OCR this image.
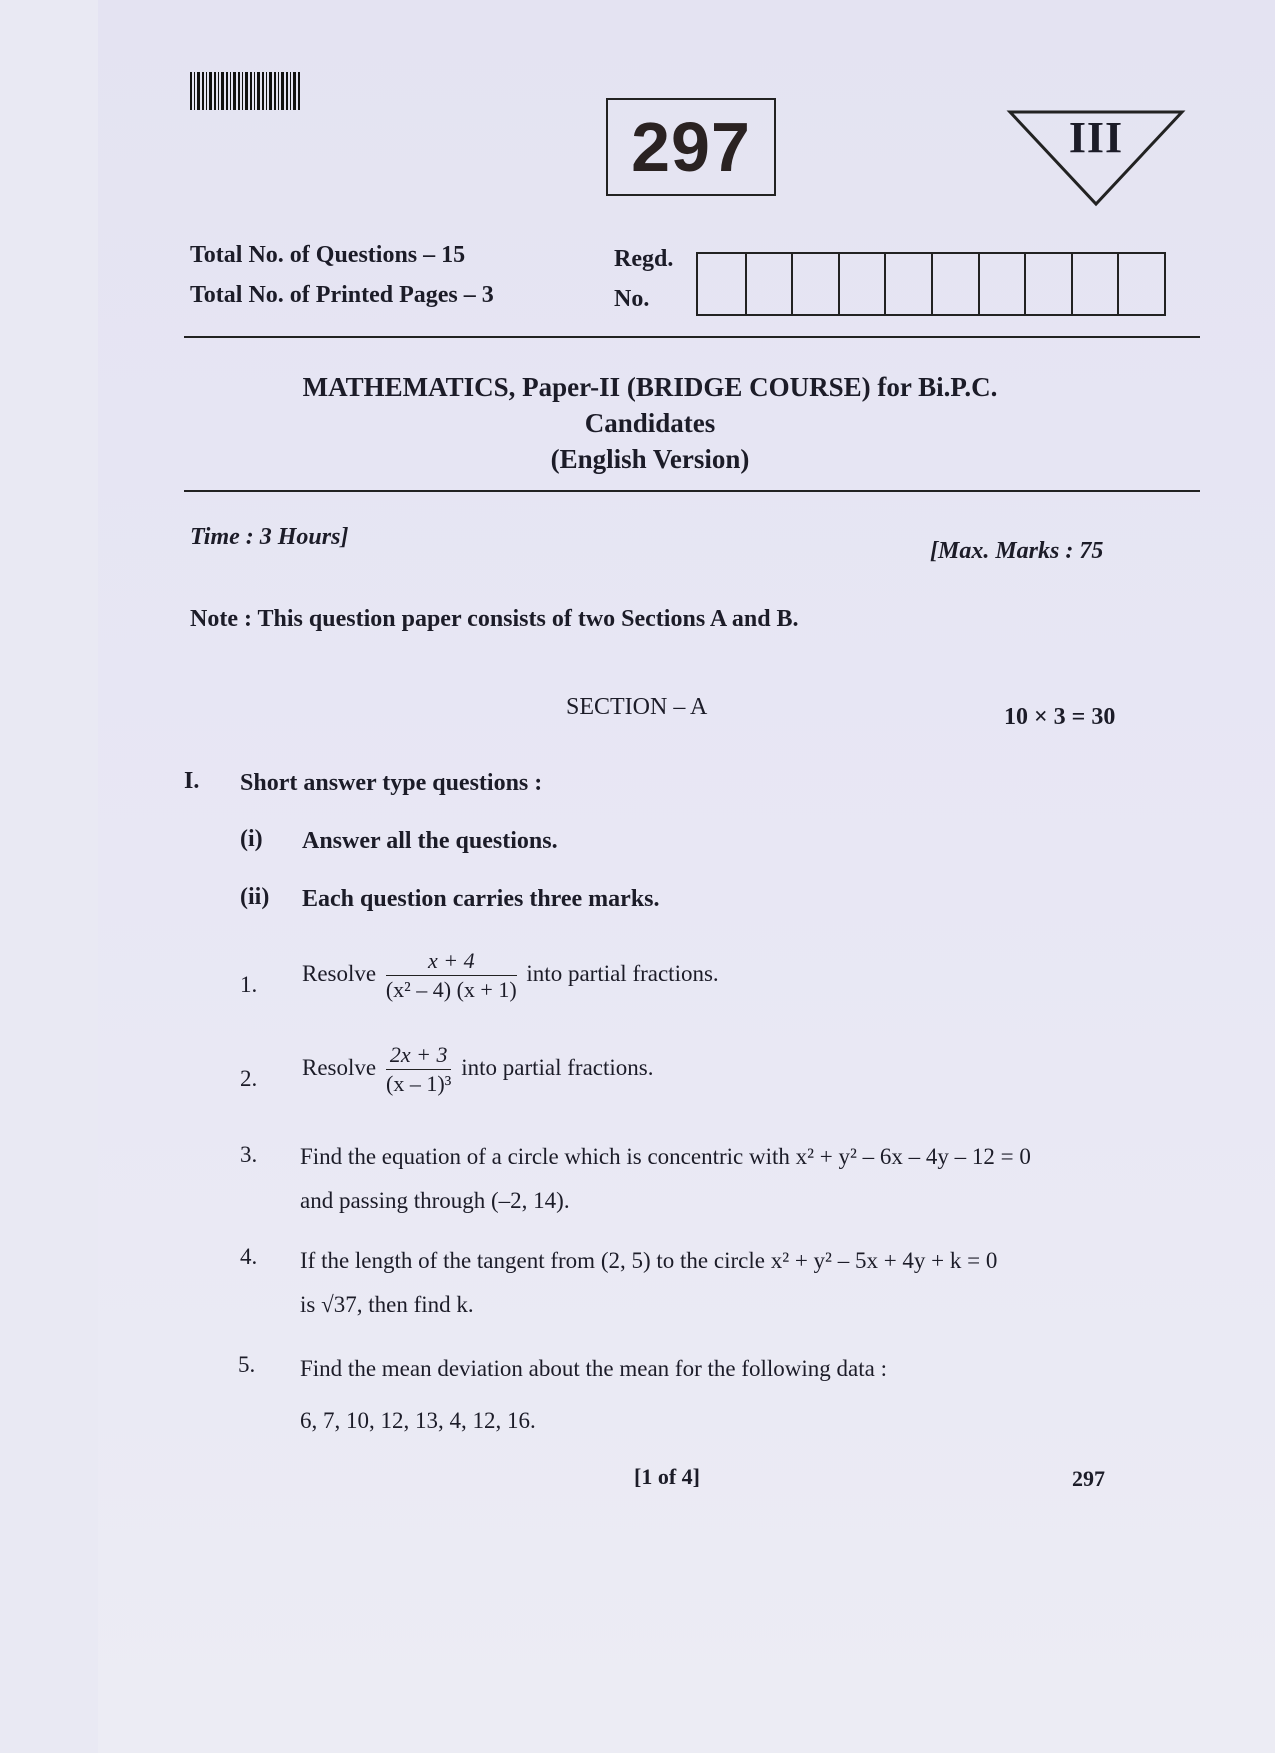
297	III
Total No. of Questions – 15
Total No. of Printed Pages – 3
Regd.
No.
MATHEMATICS, Paper-II (BRIDGE COURSE) for Bi.P.C.
Candidates
(English Version)
Time : 3 Hours]
[Max. Marks : 75
Note : This question paper consists of two Sections A and B.
SECTION – A	10 × 3 = 30
I. Short answer type questions :
(i) Answer all the questions.
(ii) Each question carries three marks.
1. Resolve $\frac{x + 4}{\text{(x² – 4) (x + 1)}}$ into partial fractions.
2. Resolve $\frac{2x + 3}{\text{(x – 1)³}}$ into partial fractions.
3. Find the equation of a circle which is concentric with x² + y² – 6x – 4y – 12 = 0
and passing through (–2, 14).
4. If the length of the tangent from (2, 5) to the circle x² + y² – 5x + 4y + k = 0
is √37, then find k.
5. Find the mean deviation about the mean for the following data :
6, 7, 10, 12, 13, 4, 12, 16.
[1 of 4]	297
